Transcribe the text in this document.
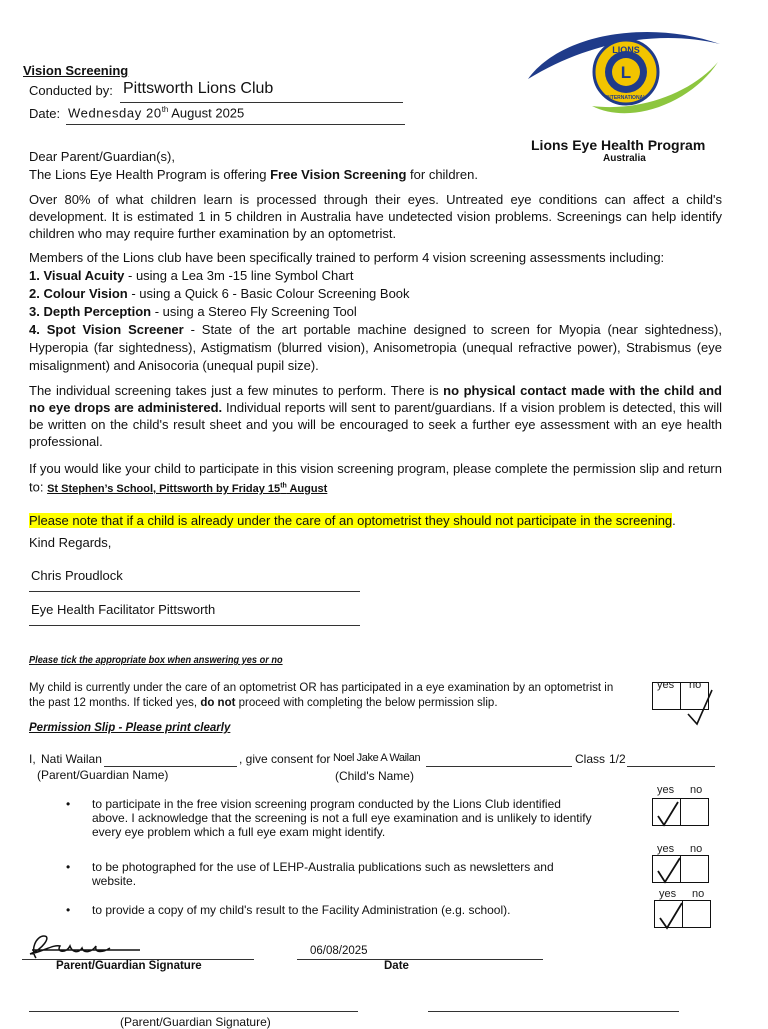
Vision Screening
Conducted by: Pittsworth Lions Club
Date: Wednesday 20th August 2025
LIONS
INTERNATIONAL
L
Lions Eye Health Program
Australia
Dear Parent/Guardian(s),
The Lions Eye Health Program is offering Free Vision Screening for children.
Over 80% of what children learn is processed through their eyes. Untreated eye conditions can affect a child's development. It is estimated 1 in 5 children in Australia have undetected vision problems. Screenings can help identify children who may require further examination by an optometrist.
Members of the Lions club have been specifically trained to perform 4 vision screening assessments including:
1. Visual Acuity - using a Lea 3m -15 line Symbol Chart
2. Colour Vision - using a Quick 6 - Basic Colour Screening Book
3. Depth Perception - using a Stereo Fly Screening Tool
4. Spot Vision Screener - State of the art portable machine designed to screen for Myopia (near sightedness), Hyperopia (far sightedness), Astigmatism (blurred vision), Anisometropia (unequal refractive power), Strabismus (eye misalignment) and Anisocoria (unequal pupil size).
The individual screening takes just a few minutes to perform. There is no physical contact made with the child and no eye drops are administered. Individual reports will sent to parent/guardians. If a vision problem is detected, this will be written on the child's result sheet and you will be encouraged to seek a further eye assessment with an eye health professional.
If you would like your child to participate in this vision screening program, please complete the permission slip and return to: St Stephen’s School, Pittsworth by Friday 15th August
Please note that if a child is already under the care of an optometrist they should not participate in the screening.
Kind Regards,
Chris Proudlock
Eye Health Facilitator Pittsworth
Please tick the appropriate box when answering yes or no
My child is currently under the care of an optometrist OR has participated in a eye examination by an optometrist in the past 12 months. If ticked yes, do not proceed with completing the below permission slip.
yes no
Permission Slip - Please print clearly
I, Nati Wailan	, give consent for Noel Jake A Wailan	Class 1/2
(Parent/Guardian Name)	(Child's Name)
• to participate in the free vision screening program conducted by the Lions Club identified above. I acknowledge that the screening is not a full eye examination and is unlikely to identify every eye problem which a full eye exam might identify.
• to be photographed for the use of LEHP-Australia publications such as newsletters and website.
• to provide a copy of my child's result to the Facility Administration (e.g. school).
yes no
yes no
yes no
Parent/Guardian Signature
06/08/2025
Date
(Parent/Guardian Signature)
